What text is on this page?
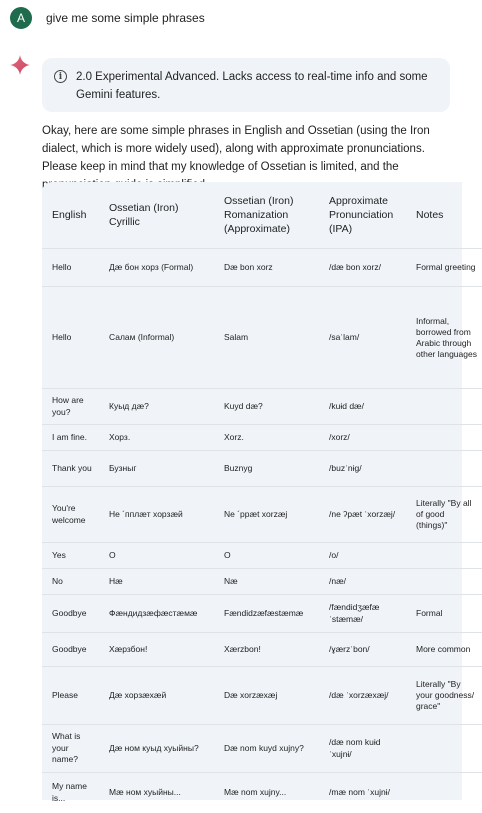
A	give me some simple phrases
i	2.0 Experimental Advanced. Lacks access to real-time info and some Gemini features.
Okay, here are some simple phrases in English and Ossetian (using the Iron dialect, which is more widely used), along with approximate pronunciations. Please keep in mind that my knowledge of Ossetian is limited, and the
English	Ossetian (Iron) Cyrillic	Ossetian (Iron) Romanization (Approximate)	Approximate Pronunciation (IPA)	Notes
Hello	Дæ бон хорз (Formal)	Dæ bon xorz	/dæ bon xorz/	Formal greeting
Hello	Салам (Informal)	Salam	/saˈlam/	Informal, borrowed from Arabic through other languages
How are you?	Куыд дæ?	Kuyd dæ?	/kuɨd dæ/	
I am fine.	Хорз.	Xorz.	/xorz/	
Thank you	Бузныг	Buznyg	/buzˈnɨg/	
You're welcome	Не ´пплæт хорзæй	Ne ´ppæt xorzæj	/ne ʔpæt ˈxorzæj/	Literally "By all of good (things)"
Yes	О	O	/o/	
No	Нæ	Næ	/næ/	
Goodbye	Фæндидзæфæстæмæ	Fændidzæfæstæmæ	/fændidʒæfæ ˈstæmæ/	Formal
Goodbye	Хæрзбон!	Xærzbon!	/ɣærzˈbon/	More common
Please	Дæ хорзæхæй	Dæ xorzæxæj	/dæ ˈxorzæxæj/	Literally "By your goodness/ grace"
What is your name?	Дæ ном куыд хуыйны?	Dæ nom kuyd xujny?	/dæ nom kuɨd ˈxujnɨ/	
My name is...	Мæ ном хуыйны...	Mæ nom xujny...	/mæ nom ˈxujnɨ/	
